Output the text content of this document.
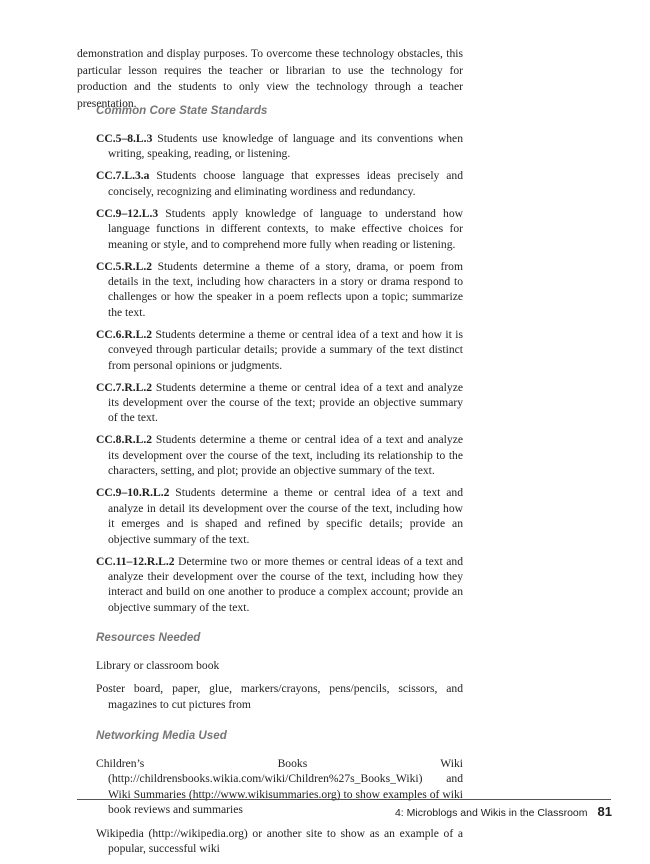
demonstration and display purposes. To overcome these technology obstacles, this particular lesson requires the teacher or librarian to use the technology for production and the students to only view the technology through a teacher presentation.

Common Core State Standards

CC.5–8.L.3 Students use knowledge of language and its conventions when writing, speaking, reading, or listening.

CC.7.L.3.a Students choose language that expresses ideas precisely and concisely, recognizing and eliminating wordiness and redundancy.

CC.9–12.L.3 Students apply knowledge of language to understand how language functions in different contexts, to make effective choices for meaning or style, and to comprehend more fully when reading or listening.

CC.5.R.L.2 Students determine a theme of a story, drama, or poem from details in the text, including how characters in a story or drama respond to challenges or how the speaker in a poem reflects upon a topic; summarize the text.

CC.6.R.L.2 Students determine a theme or central idea of a text and how it is conveyed through particular details; provide a summary of the text distinct from personal opinions or judgments.

CC.7.R.L.2 Students determine a theme or central idea of a text and analyze its development over the course of the text; provide an objective summary of the text.

CC.8.R.L.2 Students determine a theme or central idea of a text and analyze its development over the course of the text, including its relationship to the characters, setting, and plot; provide an objective summary of the text.

CC.9–10.R.L.2 Students determine a theme or central idea of a text and analyze in detail its development over the course of the text, including how it emerges and is shaped and refined by specific details; provide an objective summary of the text.

CC.11–12.R.L.2 Determine two or more themes or central ideas of a text and analyze their development over the course of the text, including how they interact and build on one another to produce a complex account; provide an objective summary of the text.

Resources Needed

Library or classroom book

Poster board, paper, glue, markers/crayons, pens/pencils, scissors, and magazines to cut pictures from

Networking Media Used

Children’s Books Wiki (http://childrensbooks.wikia.com/wiki/Children%27s_Books_Wiki) and Wiki Summaries (http://www.wikisummaries.org) to show examples of wiki book reviews and summaries

Wikipedia (http://wikipedia.org) or another site to show as an example of a popular, successful wiki

4: Microblogs and Wikis in the Classroom 81
